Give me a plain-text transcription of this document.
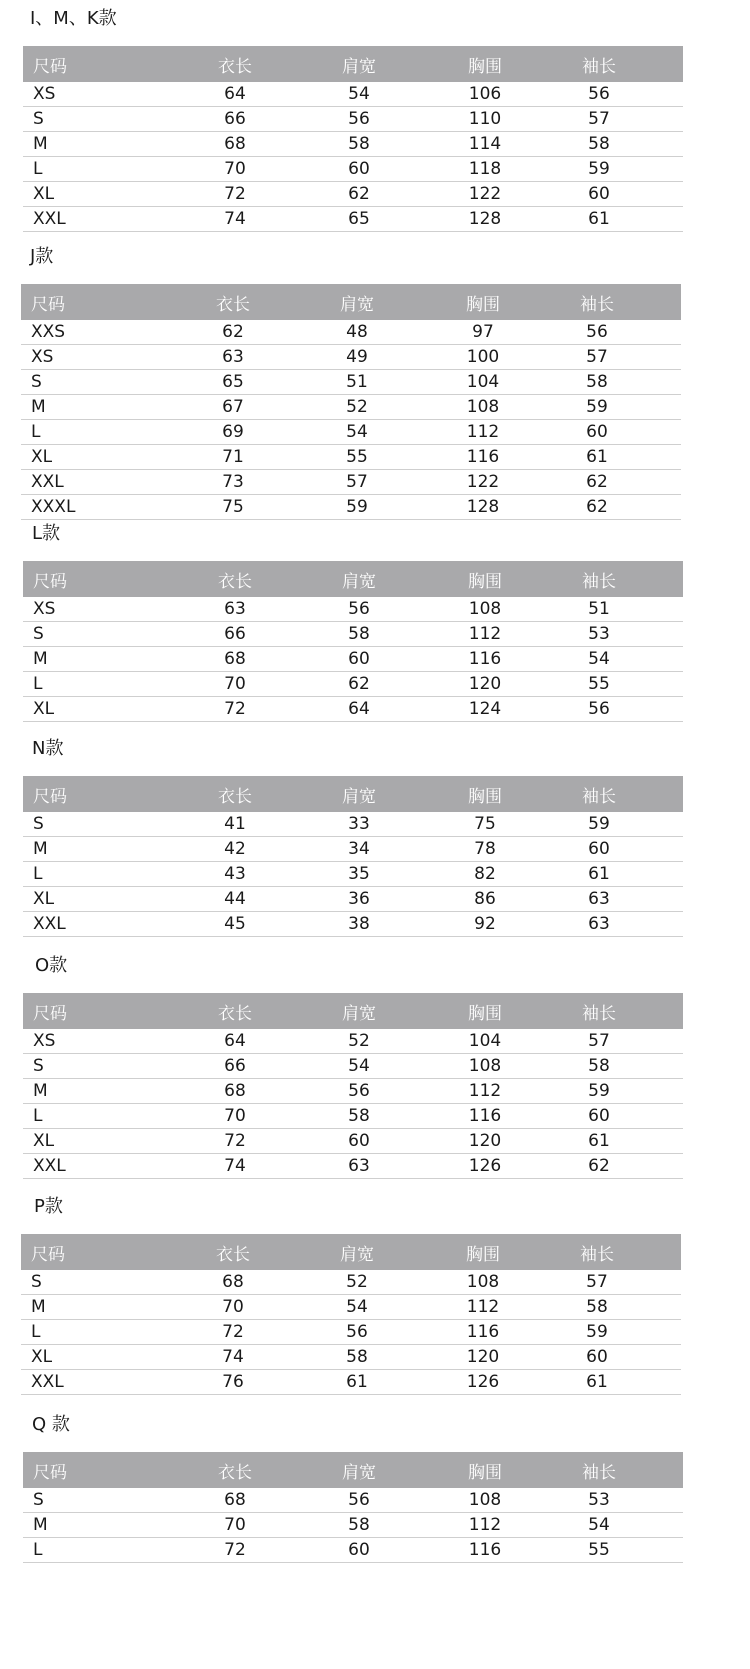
I、M、K款
尺码	衣长	肩宽	胸围	袖长
XS	64	54	106	56
S	66	56	110	57
M	68	58	114	58
L	70	60	118	59
XL	72	62	122	60
XXL	74	65	128	61
J款
尺码	衣长	肩宽	胸围	袖长
XXS	62	48	97	56
XS	63	49	100	57
S	65	51	104	58
M	67	52	108	59
L	69	54	112	60
XL	71	55	116	61
XXL	73	57	122	62
XXXL	75	59	128	62
L款
尺码	衣长	肩宽	胸围	袖长
XS	63	56	108	51
S	66	58	112	53
M	68	60	116	54
L	70	62	120	55
XL	72	64	124	56
N款
尺码	衣长	肩宽	胸围	袖长
S	41	33	75	59
M	42	34	78	60
L	43	35	82	61
XL	44	36	86	63
XXL	45	38	92	63
O款
尺码	衣长	肩宽	胸围	袖长
XS	64	52	104	57
S	66	54	108	58
M	68	56	112	59
L	70	58	116	60
XL	72	60	120	61
XXL	74	63	126	62
P款
尺码	衣长	肩宽	胸围	袖长
S	68	52	108	57
M	70	54	112	58
L	72	56	116	59
XL	74	58	120	60
XXL	76	61	126	61
Q 款
尺码	衣长	肩宽	胸围	袖长
S	68	56	108	53
M	70	58	112	54
L	72	60	116	55
